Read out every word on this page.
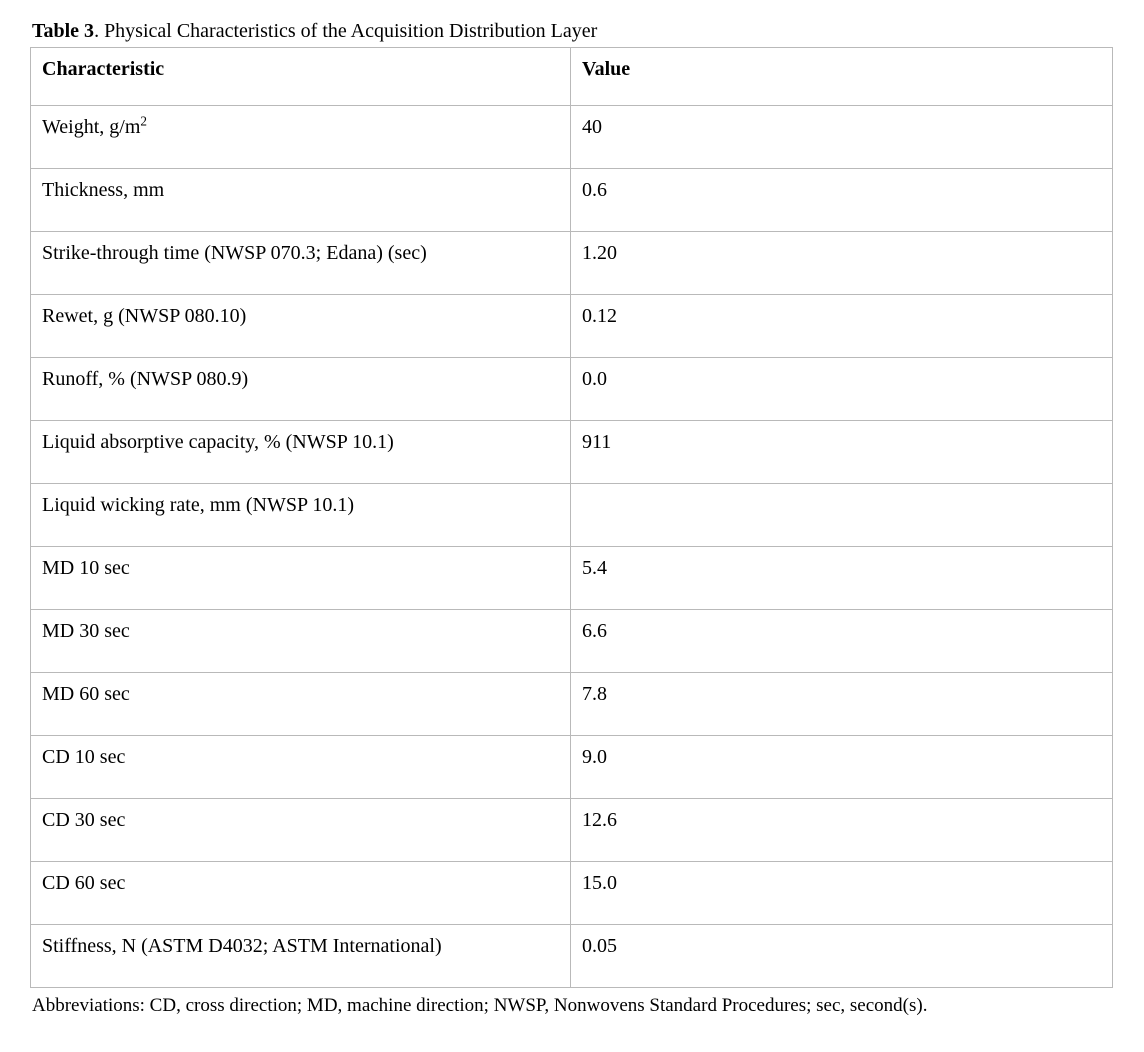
Table 3. Physical Characteristics of the Acquisition Distribution Layer

Characteristic	Value
Weight, $g/m^2$	40
Thickness, mm	0.6
Strike-through time (NWSP 070.3; Edana) (sec)	1.20
Rewet, g (NWSP 080.10)	0.12
Runoff, % (NWSP 080.9)	0.0
Liquid absorptive capacity, % (NWSP 10.1)	911
Liquid wicking rate, mm (NWSP 10.1)	
MD 10 sec	5.4
MD 30 sec	6.6
MD 60 sec	7.8
CD 10 sec	9.0
CD 30 sec	12.6
CD 60 sec	15.0
Stiffness, N (ASTM D4032; ASTM International)	0.05

Abbreviations: CD, cross direction; MD, machine direction; NWSP, Nonwovens Standard Procedures; sec, second(s).
